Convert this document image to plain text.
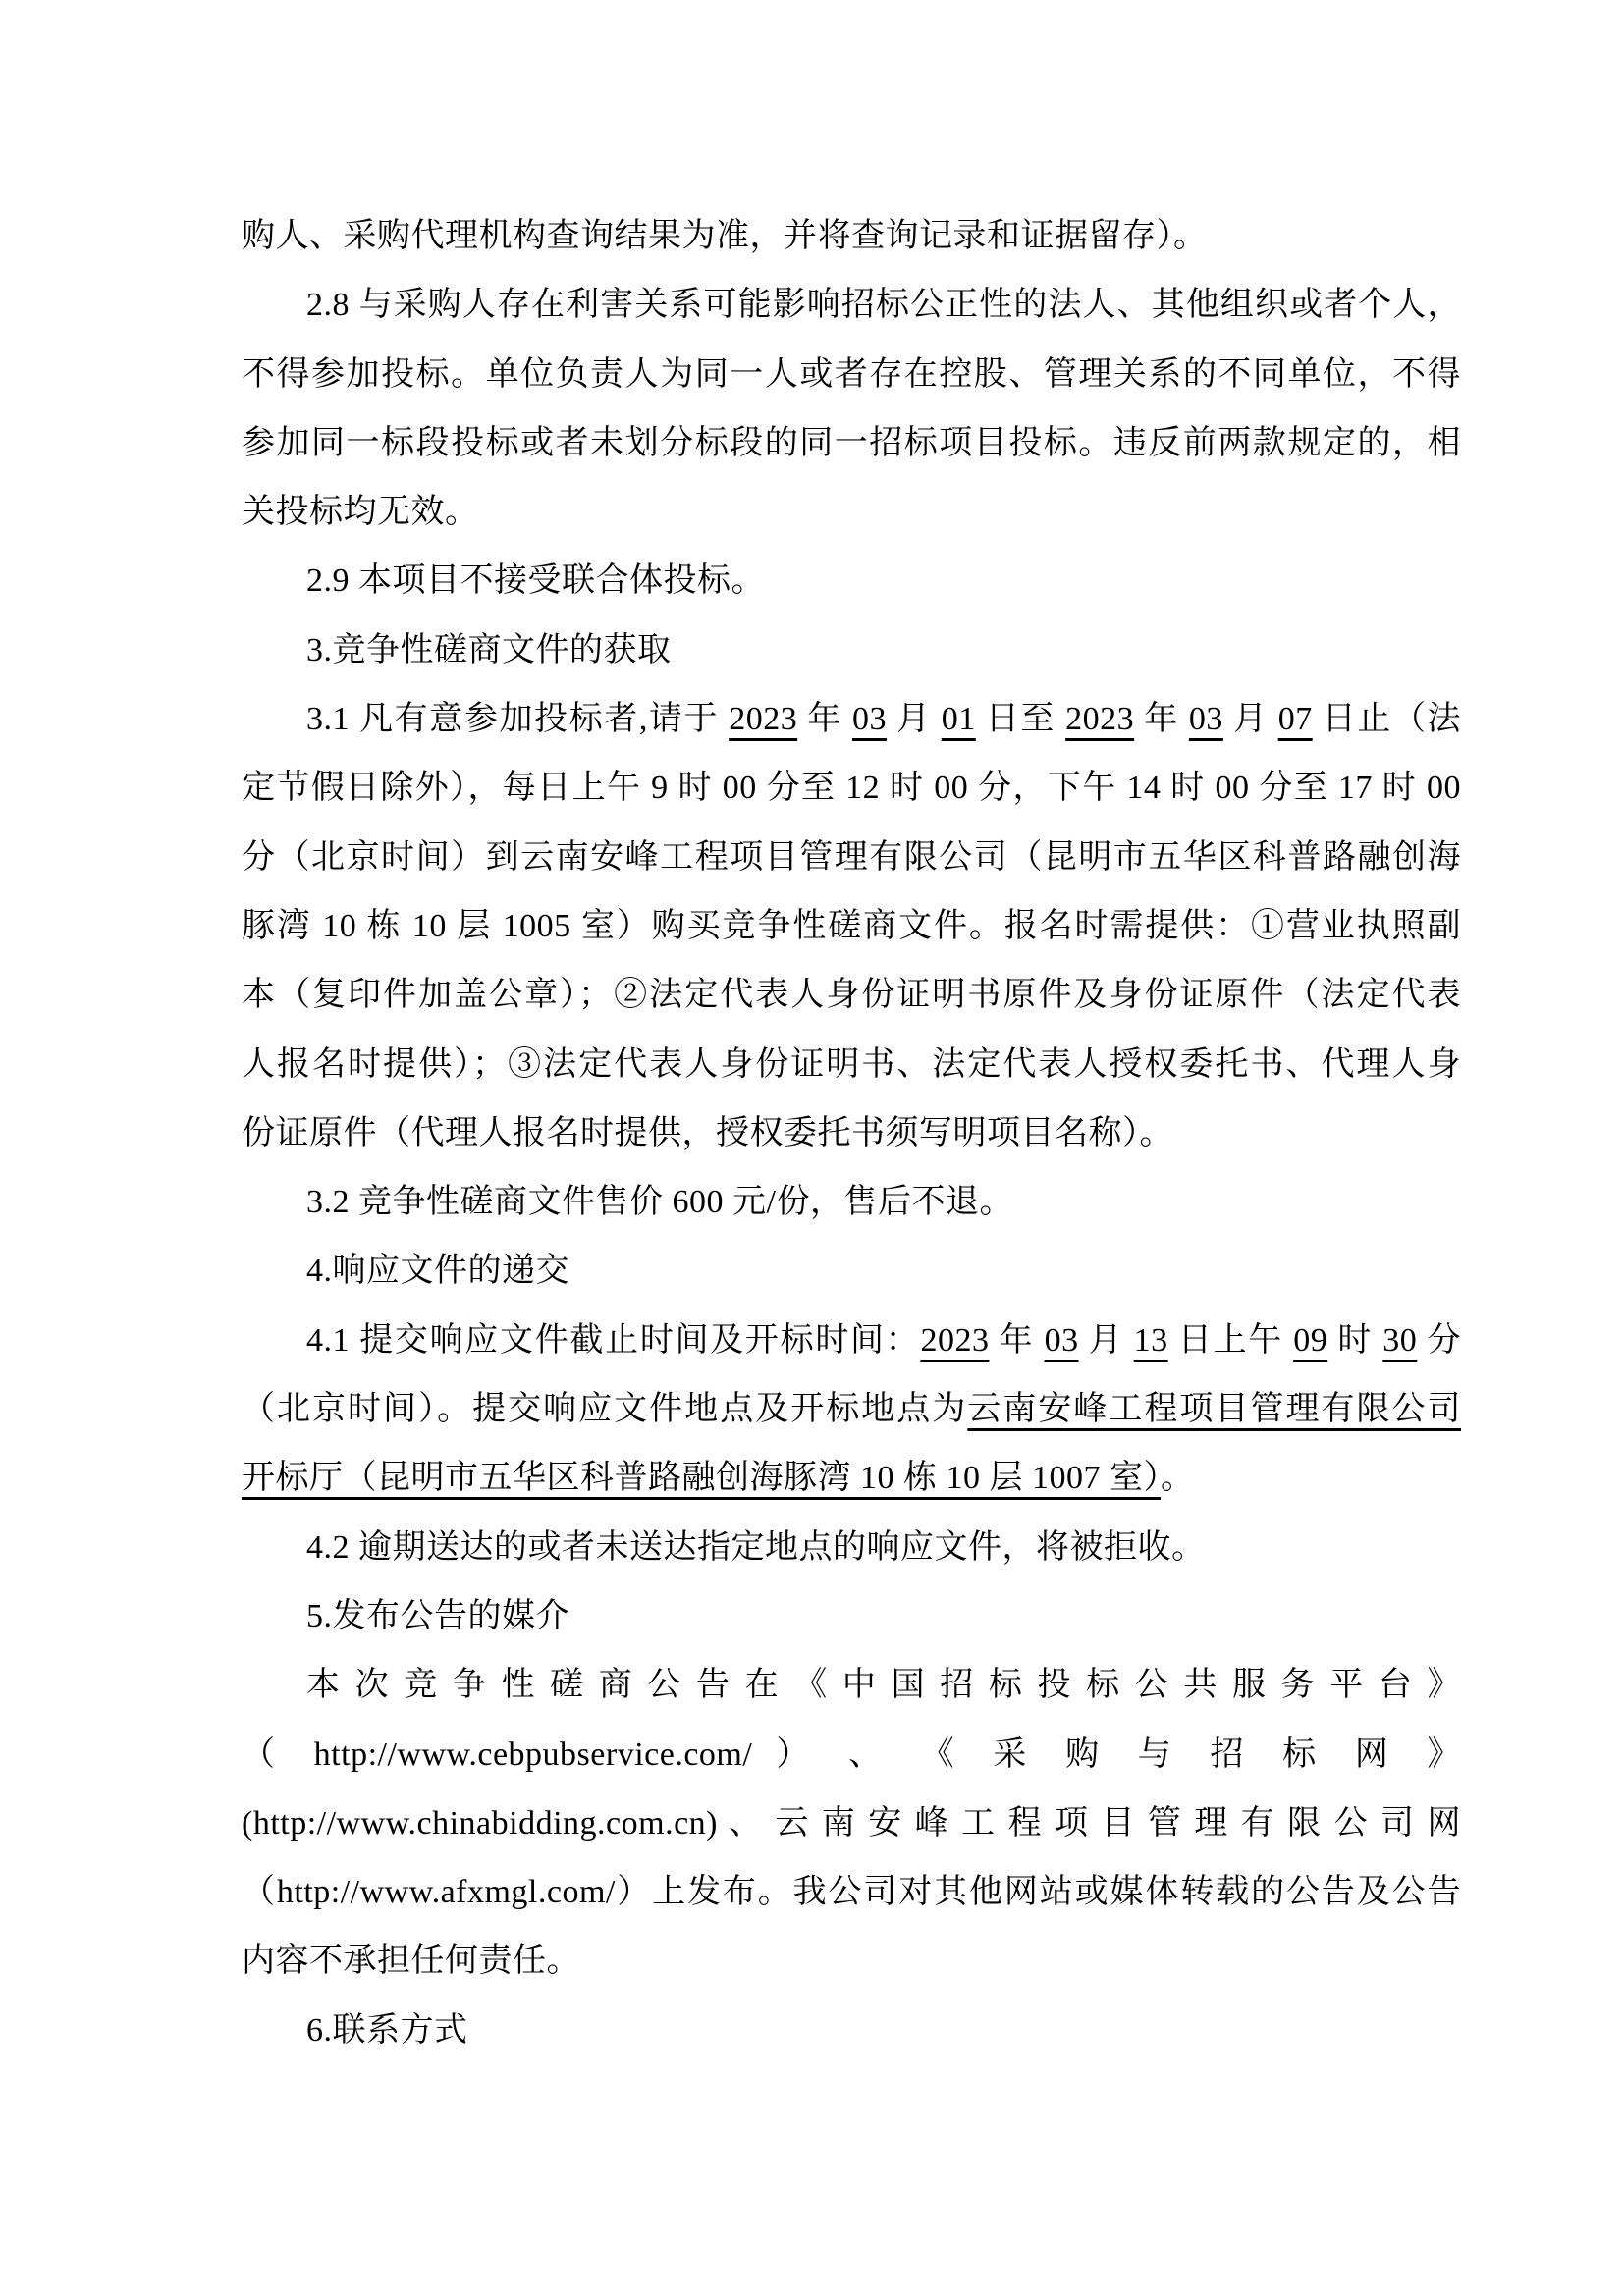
购人、采购代理机构查询结果为准，并将查询记录和证据留存）。
2.8 与采购人存在利害关系可能影响招标公正性的法人、其他组织或者个人，
不得参加投标。单位负责人为同一人或者存在控股、管理关系的不同单位，不得
参加同一标段投标或者未划分标段的同一招标项目投标。违反前两款规定的，相
关投标均无效。
2.9 本项目不接受联合体投标。
3.竞争性磋商文件的获取
3.1 凡有意参加投标者,请于 2023 年 03 月 01 日至 2023 年 03 月 07 日止（法
定节假日除外），每日上午 9 时 00 分至 12 时 00 分，下午 14 时 00 分至 17 时 00
分（北京时间）到云南安峰工程项目管理有限公司（昆明市五华区科普路融创海
豚湾 10 栋 10 层 1005 室）购买竞争性磋商文件。报名时需提供：①营业执照副
本（复印件加盖公章）；②法定代表人身份证明书原件及身份证原件（法定代表
人报名时提供）；③法定代表人身份证明书、法定代表人授权委托书、代理人身
份证原件（代理人报名时提供，授权委托书须写明项目名称）。
3.2 竞争性磋商文件售价 600 元/份，售后不退。
4.响应文件的递交
4.1 提交响应文件截止时间及开标时间：2023 年 03 月 13 日上午 09 时 30 分
（北京时间）。提交响应文件地点及开标地点为云南安峰工程项目管理有限公司
开标厅（昆明市五华区科普路融创海豚湾 10 栋 10 层 1007 室）。
4.2 逾期送达的或者未送达指定地点的响应文件，将被拒收。
5.发布公告的媒介
本 次 竞 争 性 磋 商 公 告 在 《 中 国 招 标 投 标 公 共 服 务 平 台 》
（ http://www.cebpubservice.com/ ） 、 《 采 购 与 招 标 网 》
(http://www.chinabidding.com.cn) 、 云 南 安 峰 工 程 项 目 管 理 有 限 公 司 网
（http://www.afxmgl.com/）上发布。我公司对其他网站或媒体转载的公告及公告
内容不承担任何责任。
6.联系方式
